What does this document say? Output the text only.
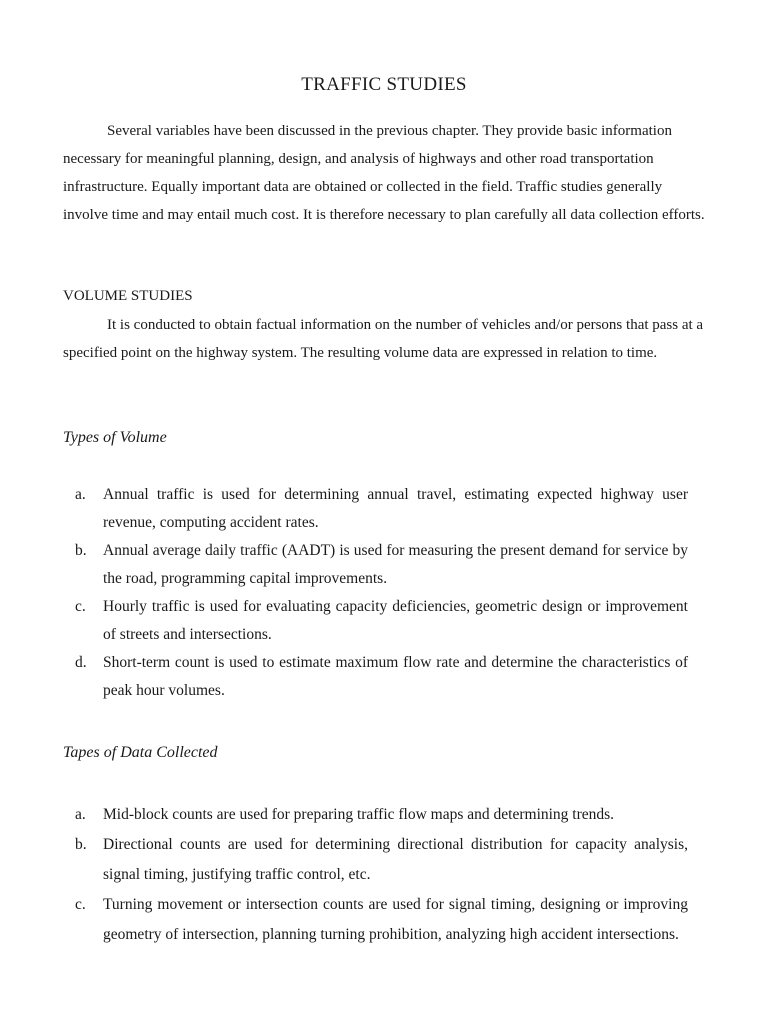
TRAFFIC STUDIES

Several variables have been discussed in the previous chapter. They provide basic information necessary for meaningful planning, design, and analysis of highways and other road transportation infrastructure. Equally important data are obtained or collected in the field. Traffic studies generally involve time and may entail much cost. It is therefore necessary to plan carefully all data collection efforts.

VOLUME STUDIES

It is conducted to obtain factual information on the number of vehicles and/or persons that pass at a specified point on the highway system. The resulting volume data are expressed in relation to time.

Types of Volume
a.	Annual traffic is used for determining annual travel, estimating expected highway user revenue, computing accident rates.
b.	Annual average daily traffic (AADT) is used for measuring the present demand for service by the road, programming capital improvements.
c.	Hourly traffic is used for evaluating capacity deficiencies, geometric design or improvement of streets and intersections.
d.	Short-term count is used to estimate maximum flow rate and determine the characteristics of peak hour volumes.
Tapes of Data Collected
a.	Mid-block counts are used for preparing traffic flow maps and determining trends.
b.	Directional counts are used for determining directional distribution for capacity analysis, signal timing, justifying traffic control, etc.
c.	Turning movement or intersection counts are used for signal timing, designing or improving geometry of intersection, planning turning prohibition, analyzing high accident intersections.
